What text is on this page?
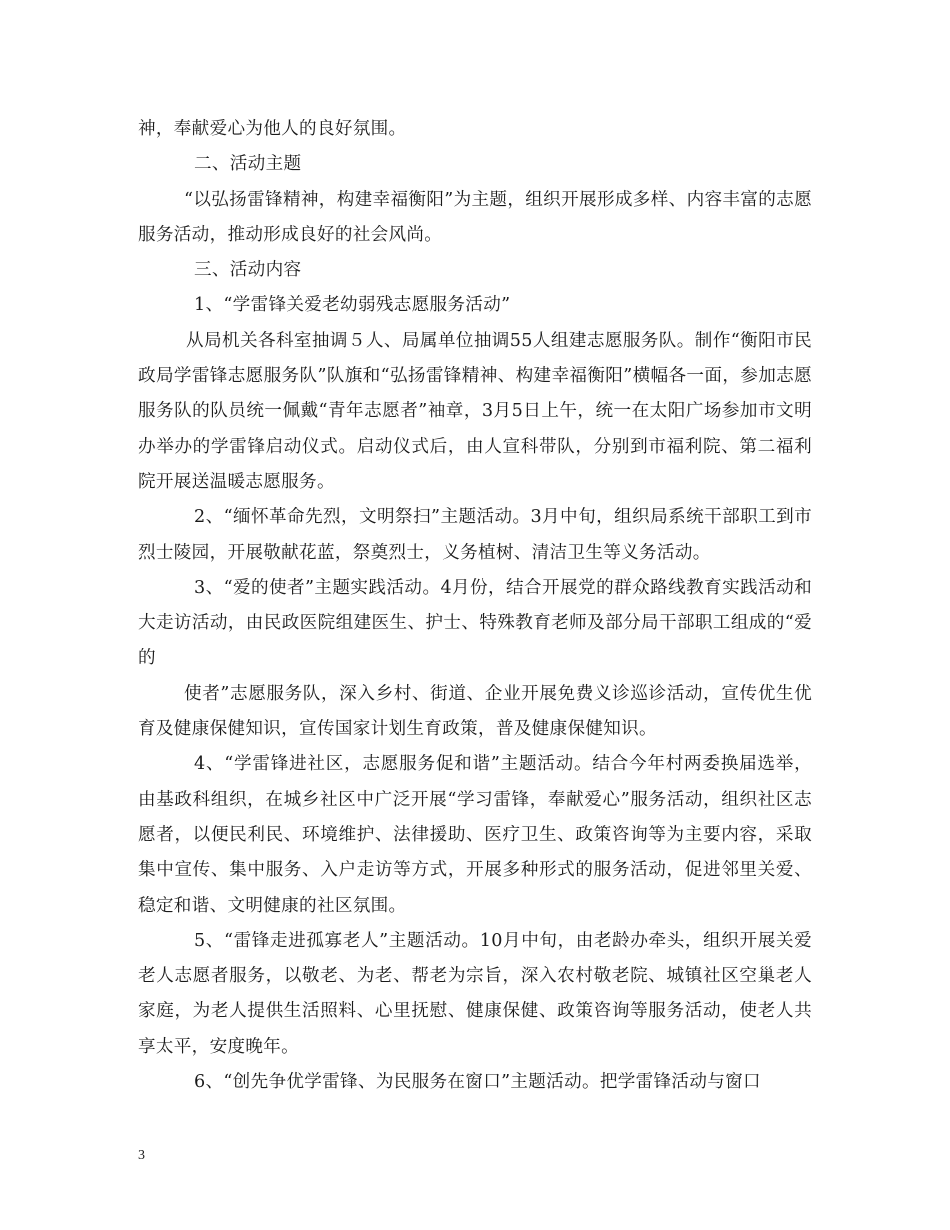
神，奉献爱心为他人的良好氛围。

二、活动主题

“以弘扬雷锋精神，构建幸福衡阳”为主题，组织开展形成多样、内容丰富的志愿服务活动，推动形成良好的社会风尚。

三、活动内容

1、“学雷锋关爱老幼弱残志愿服务活动”

从局机关各科室抽调５人、局属单位抽调55人组建志愿服务队。制作“衡阳市民政局学雷锋志愿服务队”队旗和“弘扬雷锋精神、构建幸福衡阳”横幅各一面，参加志愿服务队的队员统一佩戴“青年志愿者”袖章，3月5日上午，统一在太阳广场参加市文明办举办的学雷锋启动仪式。启动仪式后，由人宣科带队，分别到市福利院、第二福利院开展送温暖志愿服务。

2、“缅怀革命先烈，文明祭扫”主题活动。3月中旬，组织局系统干部职工到市烈士陵园，开展敬献花蓝，祭奠烈士，义务植树、清洁卫生等义务活动。

3、“爱的使者”主题实践活动。4月份，结合开展党的群众路线教育实践活动和大走访活动，由民政医院组建医生、护士、特殊教育老师及部分局干部职工组成的“爱的

使者”志愿服务队，深入乡村、街道、企业开展免费义诊巡诊活动，宣传优生优育及健康保健知识，宣传国家计划生育政策，普及健康保健知识。

4、“学雷锋进社区，志愿服务促和谐”主题活动。结合今年村两委换届选举，由基政科组织，在城乡社区中广泛开展“学习雷锋，奉献爱心”服务活动，组织社区志愿者，以便民利民、环境维护、法律援助、医疗卫生、政策咨询等为主要内容，采取集中宣传、集中服务、入户走访等方式，开展多种形式的服务活动，促进邻里关爱、稳定和谐、文明健康的社区氛围。

5、“雷锋走进孤寡老人”主题活动。10月中旬，由老龄办牵头，组织开展关爱老人志愿者服务，以敬老、为老、帮老为宗旨，深入农村敬老院、城镇社区空巢老人家庭，为老人提供生活照料、心里抚慰、健康保健、政策咨询等服务活动，使老人共享太平，安度晚年。

6、“创先争优学雷锋、为民服务在窗口”主题活动。把学雷锋活动与窗口

3
